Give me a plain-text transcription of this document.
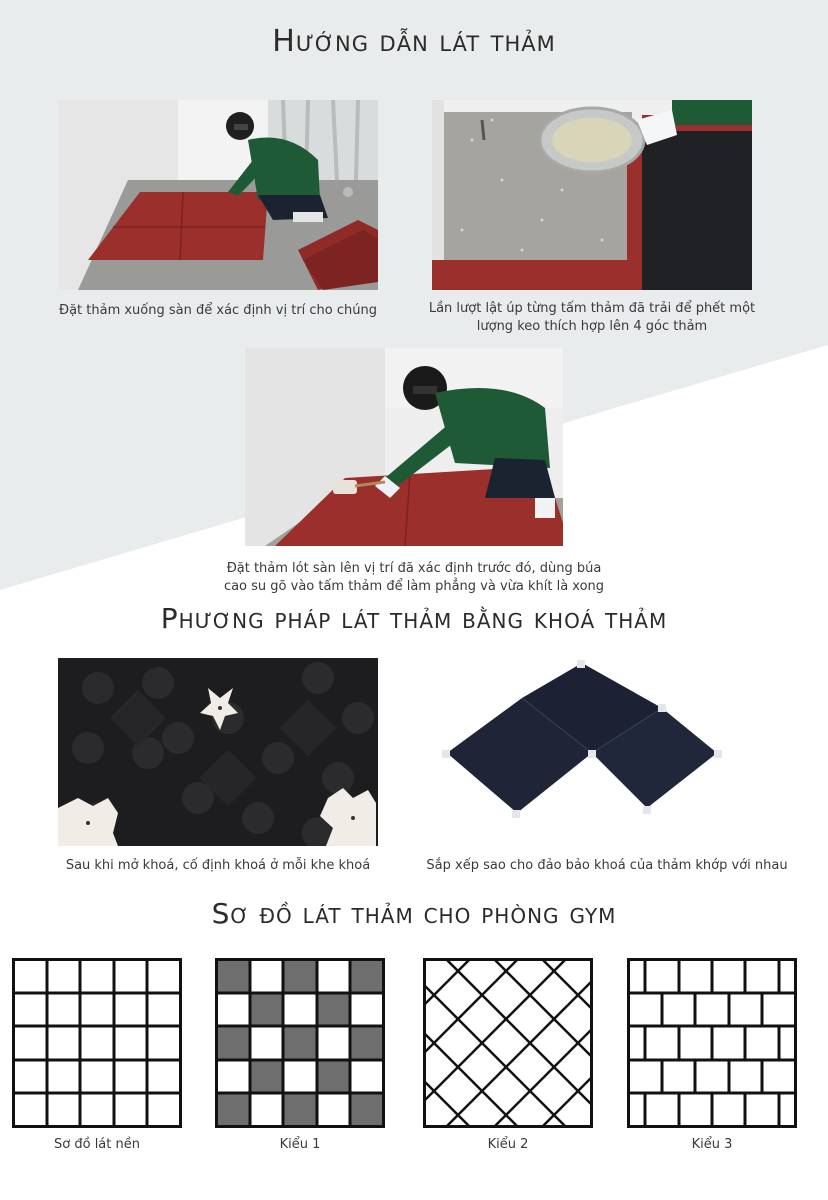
Hướng dẫn lát thảm
Đặt thảm xuống sàn để xác định vị trí cho chúng	Lần lượt lật úp từng tấm thảm đã trải để phết một
lượng keo thích hợp lên 4 góc thảm
Đặt thảm lót sàn lên vị trí đã xác định trước đó, dùng búa
cao su gõ vào tấm thảm để làm phẳng và vừa khít là xong
Phương pháp lát thảm bằng khoá thảm
Sau khi mở khoá, cố định khoá ở mỗi khe khoá	Sắp xếp sao cho đảo bảo khoá của thảm khớp với nhau
Sơ đồ lát thảm cho phòng gym
Sơ đồ lát nền	Kiểu 1	Kiểu 2	Kiểu 3
